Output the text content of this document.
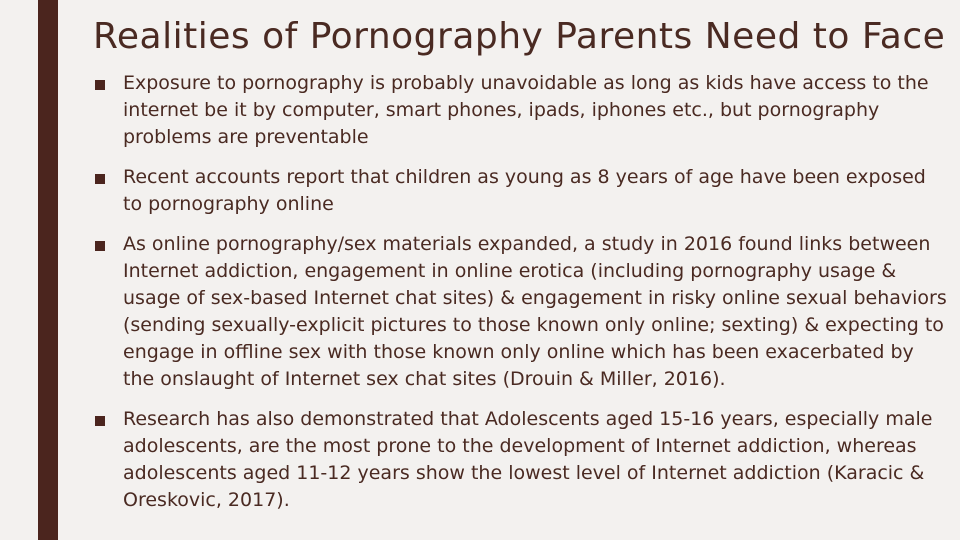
Realities of Pornography Parents Need to Face
Exposure to pornography is probably unavoidable as long as kids have access to the internet be it by computer, smart phones, ipads, iphones etc., but pornography problems are preventable
Recent accounts report that children as young as 8 years of age have been exposed to pornography online
As online pornography/sex materials expanded, a study in 2016 found links between Internet addiction, engagement in online erotica (including pornography usage & usage of sex-based Internet chat sites) & engagement in risky online sexual behaviors (sending sexually-explicit pictures to those known only online; sexting) & expecting to engage in offline sex with those known only online which has been exacerbated by the onslaught of Internet sex chat sites (Drouin & Miller, 2016).
Research has also demonstrated that Adolescents aged 15-16 years, especially male adolescents, are the most prone to the development of Internet addiction, whereas adolescents aged 11-12 years show the lowest level of Internet addiction (Karacic & Oreskovic, 2017).
